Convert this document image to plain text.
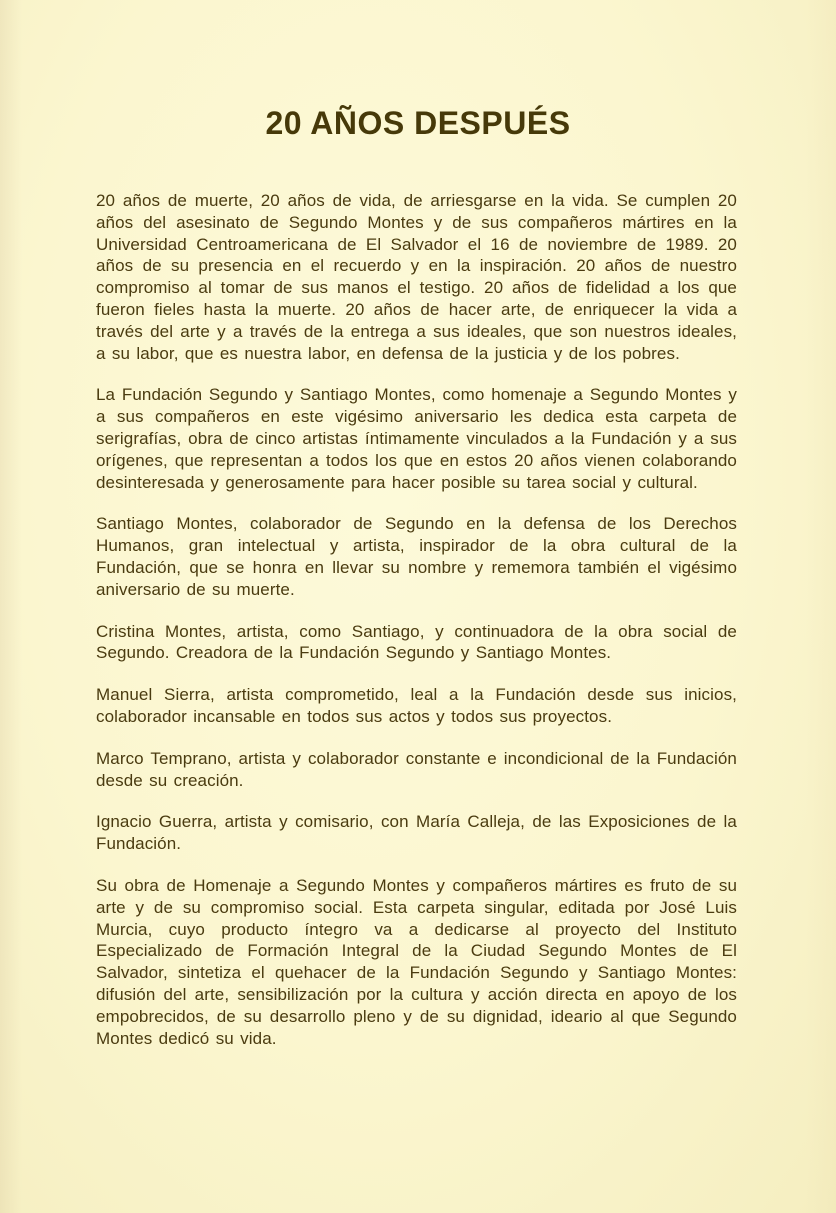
20 AÑOS DESPUÉS

20 años de muerte, 20 años de vida, de arriesgarse en la vida. Se cumplen 20 años del asesinato de Segundo Montes y de sus compañeros mártires en la Universidad Centroamericana de El Salvador el 16 de noviembre de 1989. 20 años de su presencia en el recuerdo y en la inspiración. 20 años de nuestro compromiso al tomar de sus manos el testigo. 20 años de fidelidad a los que fueron fieles hasta la muerte. 20 años de hacer arte, de enriquecer la vida a través del arte y a través de la entrega a sus ideales, que son nuestros ideales, a su labor, que es nuestra labor, en defensa de la justicia y de los pobres.

La Fundación Segundo y Santiago Montes, como homenaje a Segundo Montes y a sus compañeros en este vigésimo aniversario les dedica esta carpeta de serigrafías, obra de cinco artistas íntimamente vinculados a la Fundación y a sus orígenes, que representan a todos los que en estos 20 años vienen colaborando desinteresada y generosamente para hacer posible su tarea social y cultural.

Santiago Montes, colaborador de Segundo en la defensa de los Derechos Humanos, gran intelectual y artista, inspirador de la obra cultural de la Fundación, que se honra en llevar su nombre y rememora también el vigésimo aniversario de su muerte.

Cristina Montes, artista, como Santiago, y continuadora de la obra social de Segundo. Creadora de la Fundación Segundo y Santiago Montes.

Manuel Sierra, artista comprometido, leal a la Fundación desde sus inicios, colaborador incansable en todos sus actos y todos sus proyectos.

Marco Temprano, artista y colaborador constante e incondicional de la Fundación desde su creación.

Ignacio Guerra, artista y comisario, con María Calleja, de las Exposiciones de la Fundación.

Su obra de Homenaje a Segundo Montes y compañeros mártires es fruto de su arte y de su compromiso social. Esta carpeta singular, editada por José Luis Murcia, cuyo producto íntegro va a dedicarse al proyecto del Instituto Especializado de Formación Integral de la Ciudad Segundo Montes de El Salvador, sintetiza el quehacer de la Fundación Segundo y Santiago Montes: difusión del arte, sensibilización por la cultura y acción directa en apoyo de los empobrecidos, de su desarrollo pleno y de su dignidad, ideario al que Segundo Montes dedicó su vida.
